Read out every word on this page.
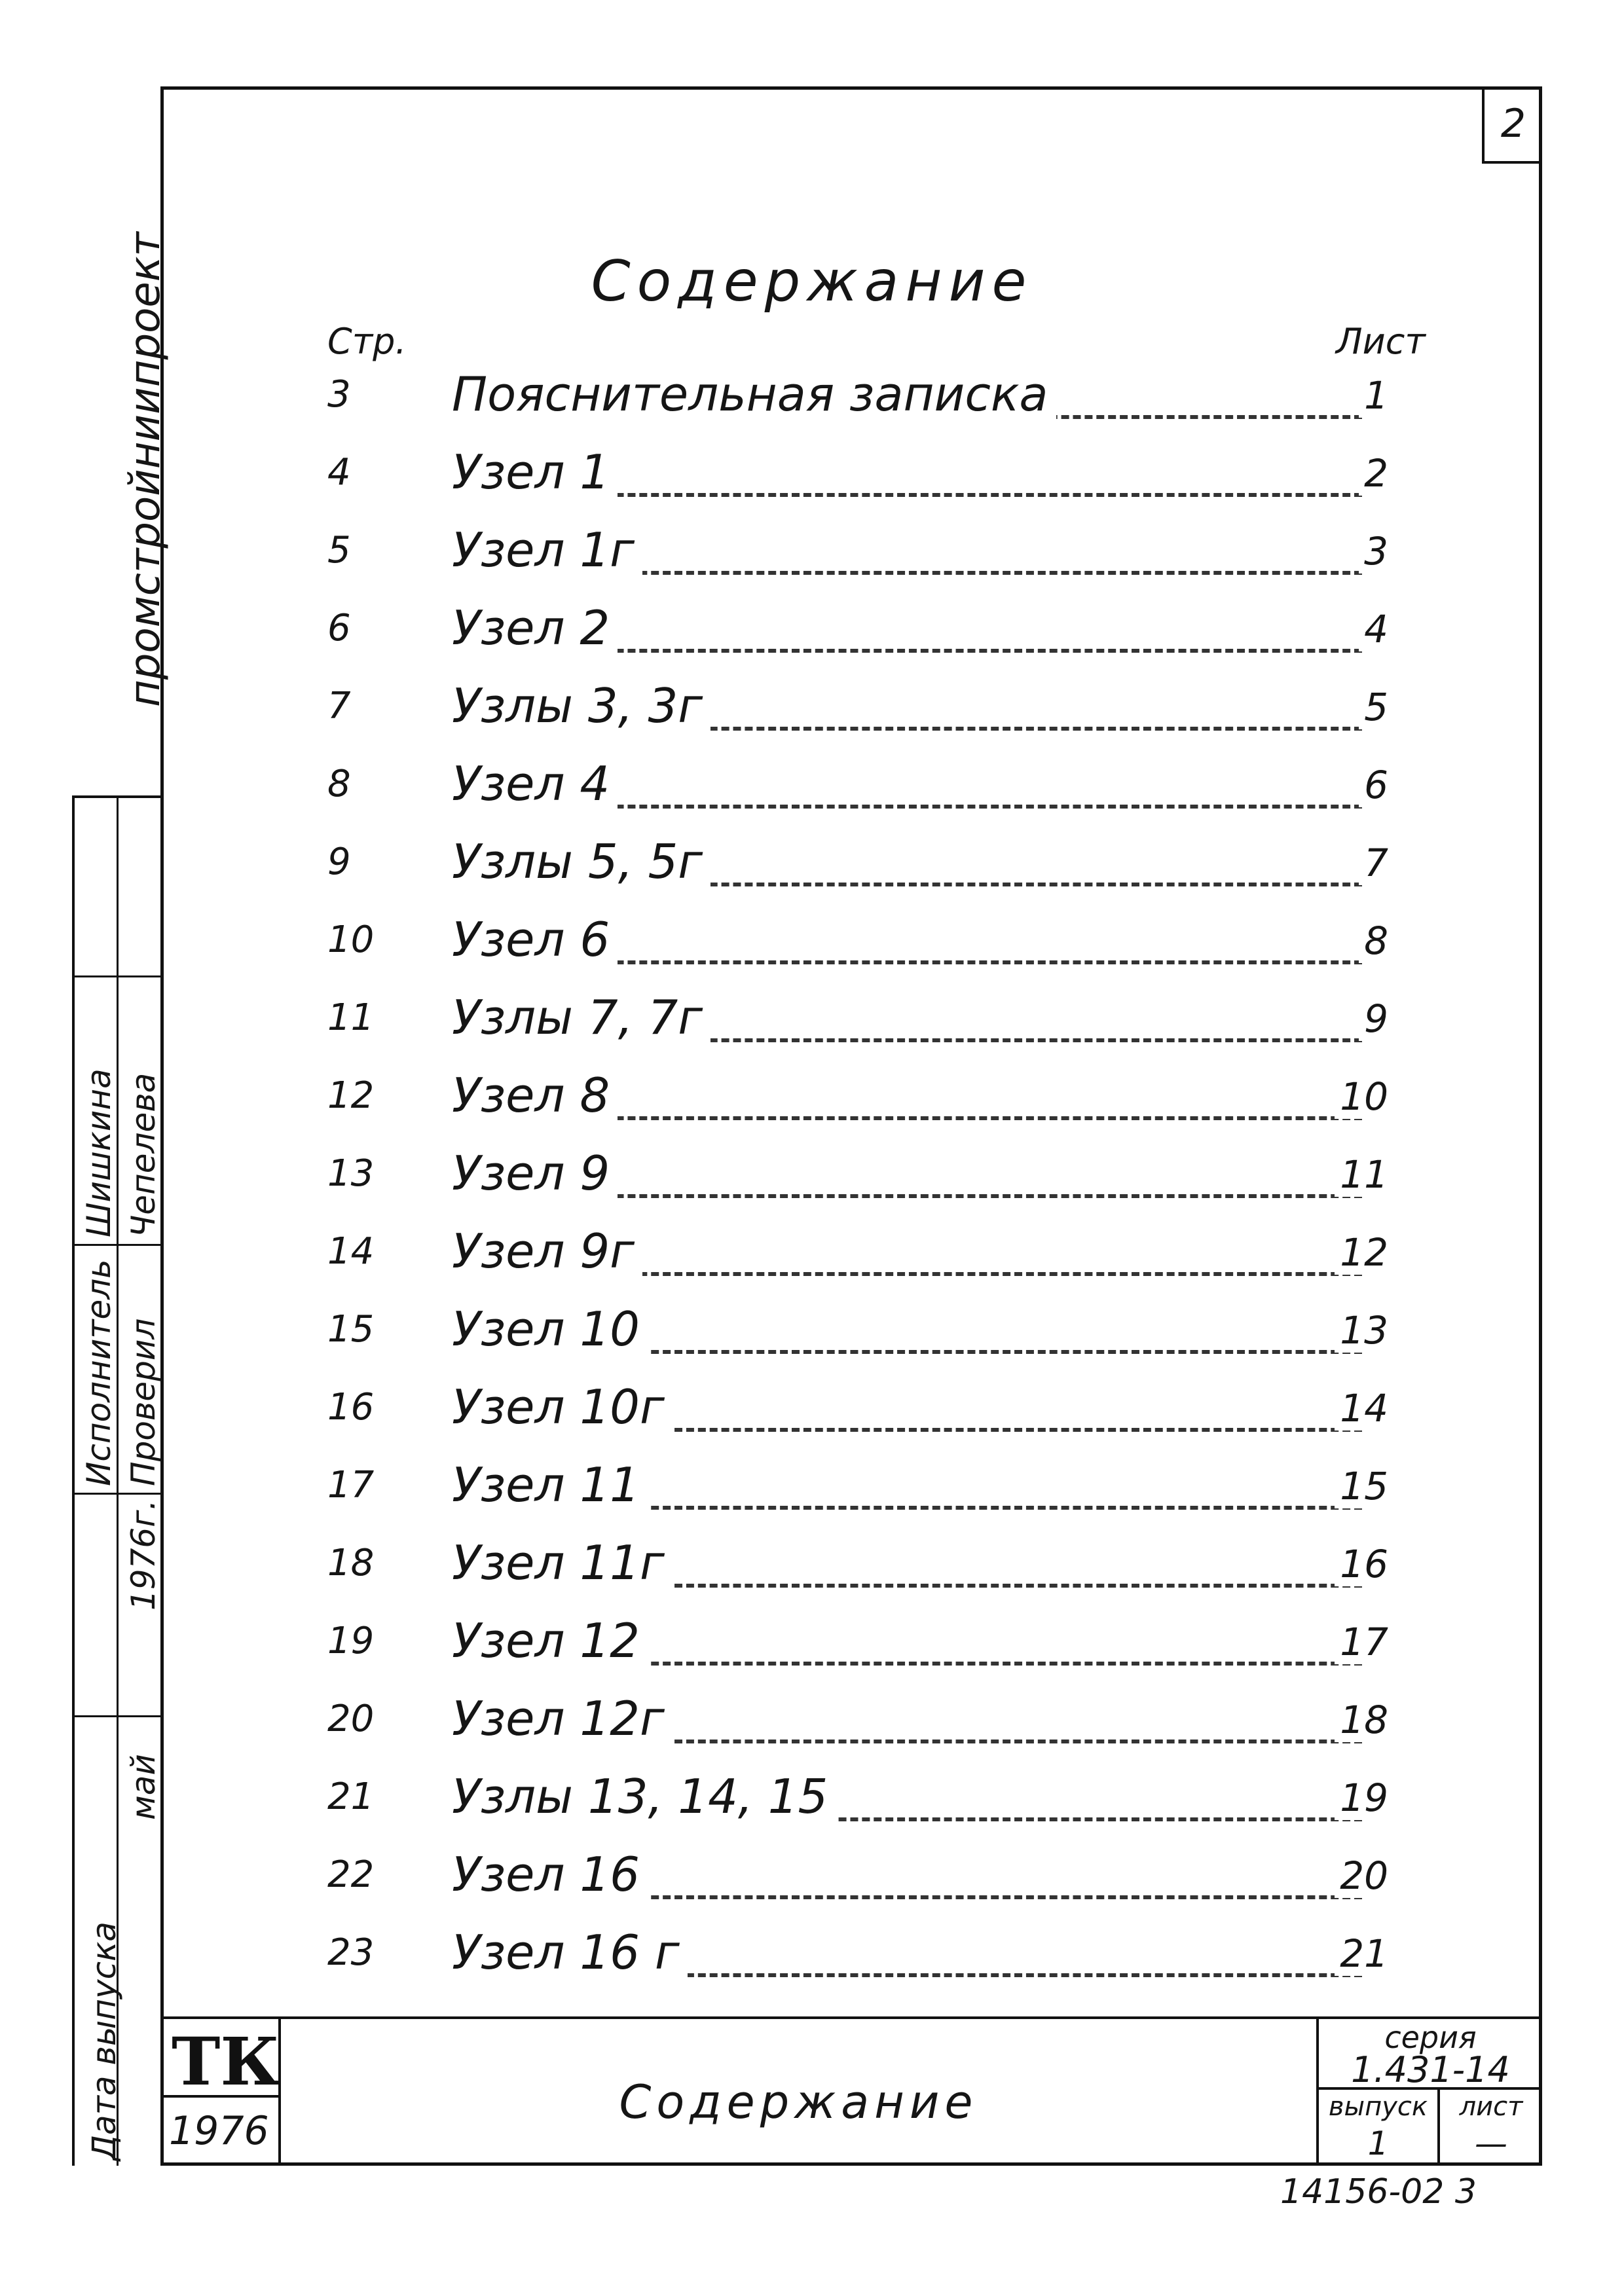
2
промстройниипроект
Исполнитель Проверил
Шишкина Чепелева
1976г.
май
Дата выпуска
Содержание
Стр.	Лист
3	Пояснительная записка	1
4	Узел 1	2
5	Узел 1г	3
6	Узел 2	4
7	Узлы 3, 3г	5
8	Узел 4	6
9	Узлы 5, 5г	7
10 Узел 6	8
11 Узлы 7, 7г	9
12 Узел 8	10
13 Узел 9	11
14 Узел 9г	12
15 Узел 10	13
16 Узел 10г	14
17 Узел 11	15
18 Узел 11г	16
19 Узел 12	17
20 Узел 12г	18
21 Узлы 13, 14, 15	19
22 Узел 16	20
23 Узел 16 г	21
ТК
1976
Содержание
серия
1.431-14
выпуск
1
лист
—
14156-02 3
